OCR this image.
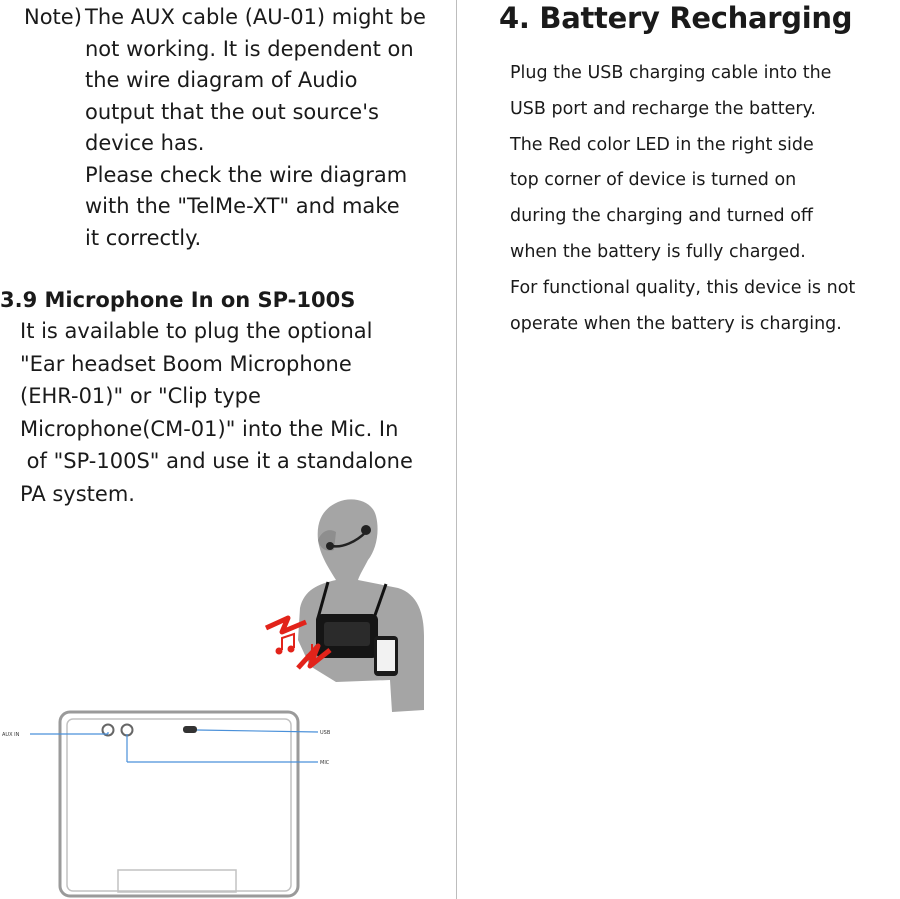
Note) The AUX cable (AU-01) might be

not working. It is dependent on

the wire diagram of Audio

output that the out source's

device has.

Please check the wire diagram

with the "TelMe-XT" and make

it correctly.

3.9 Microphone In on SP-100S

It is available to plug the optional

"Ear headset Boom Microphone

(EHR-01)" or "Clip type

Microphone(CM-01)" into the Mic. In

of "SP-100S" and use it a standalone

PA system.

4. Battery Recharging

Plug the USB charging cable into the

USB port and recharge the battery.

The Red color LED in the right side

top corner of device is turned on

during the charging and turned off

when the battery is fully charged.

For functional quality, this device is not

operate when the battery is charging.

AUX IN	USB
MIC
